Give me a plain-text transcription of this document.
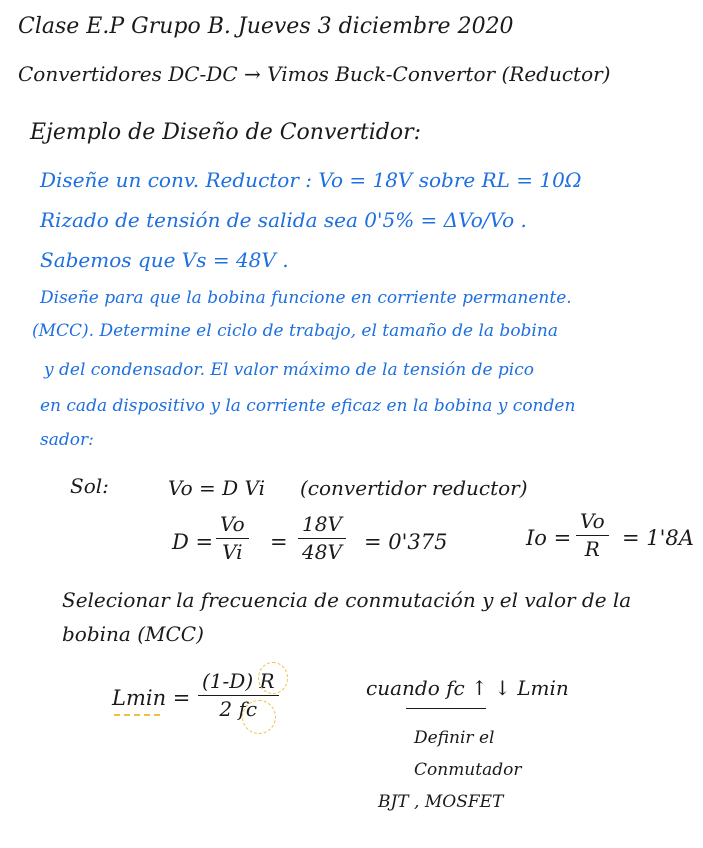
Clase E.P Grupo B. Jueves 3 diciembre 2020
Convertidores DC-DC → Vimos Buck-Convertor (Reductor)
Ejemplo de Diseño de Convertidor:
Diseñe un conv. Reductor : Vo = 18V sobre RL = 10Ω
Rizado de tensión de salida sea 0'5% = ΔVo/Vo .
Sabemos que Vs = 48V .
Diseñe para que la bobina funcione en corriente permanente.
(MCC). Determine el ciclo de trabajo, el tamaño de la bobina
y del condensador. El valor máximo de la tensión de pico
en cada dispositivo y la corriente eficaz en la bobina y conden
sador:
Sol:	Vo = D Vi (convertidor reductor)
D =
Vo
Vi =
18V
48V = 0'375	Io =
Vo
R	= 1'8A
Selecionar la frecuencia de conmutación y el valor de la
bobina (MCC)
Lmin =
(1-D) R
2 fc
cuando fc ↑ ↓ Lmin
Definir el
Conmutador
BJT , MOSFET
